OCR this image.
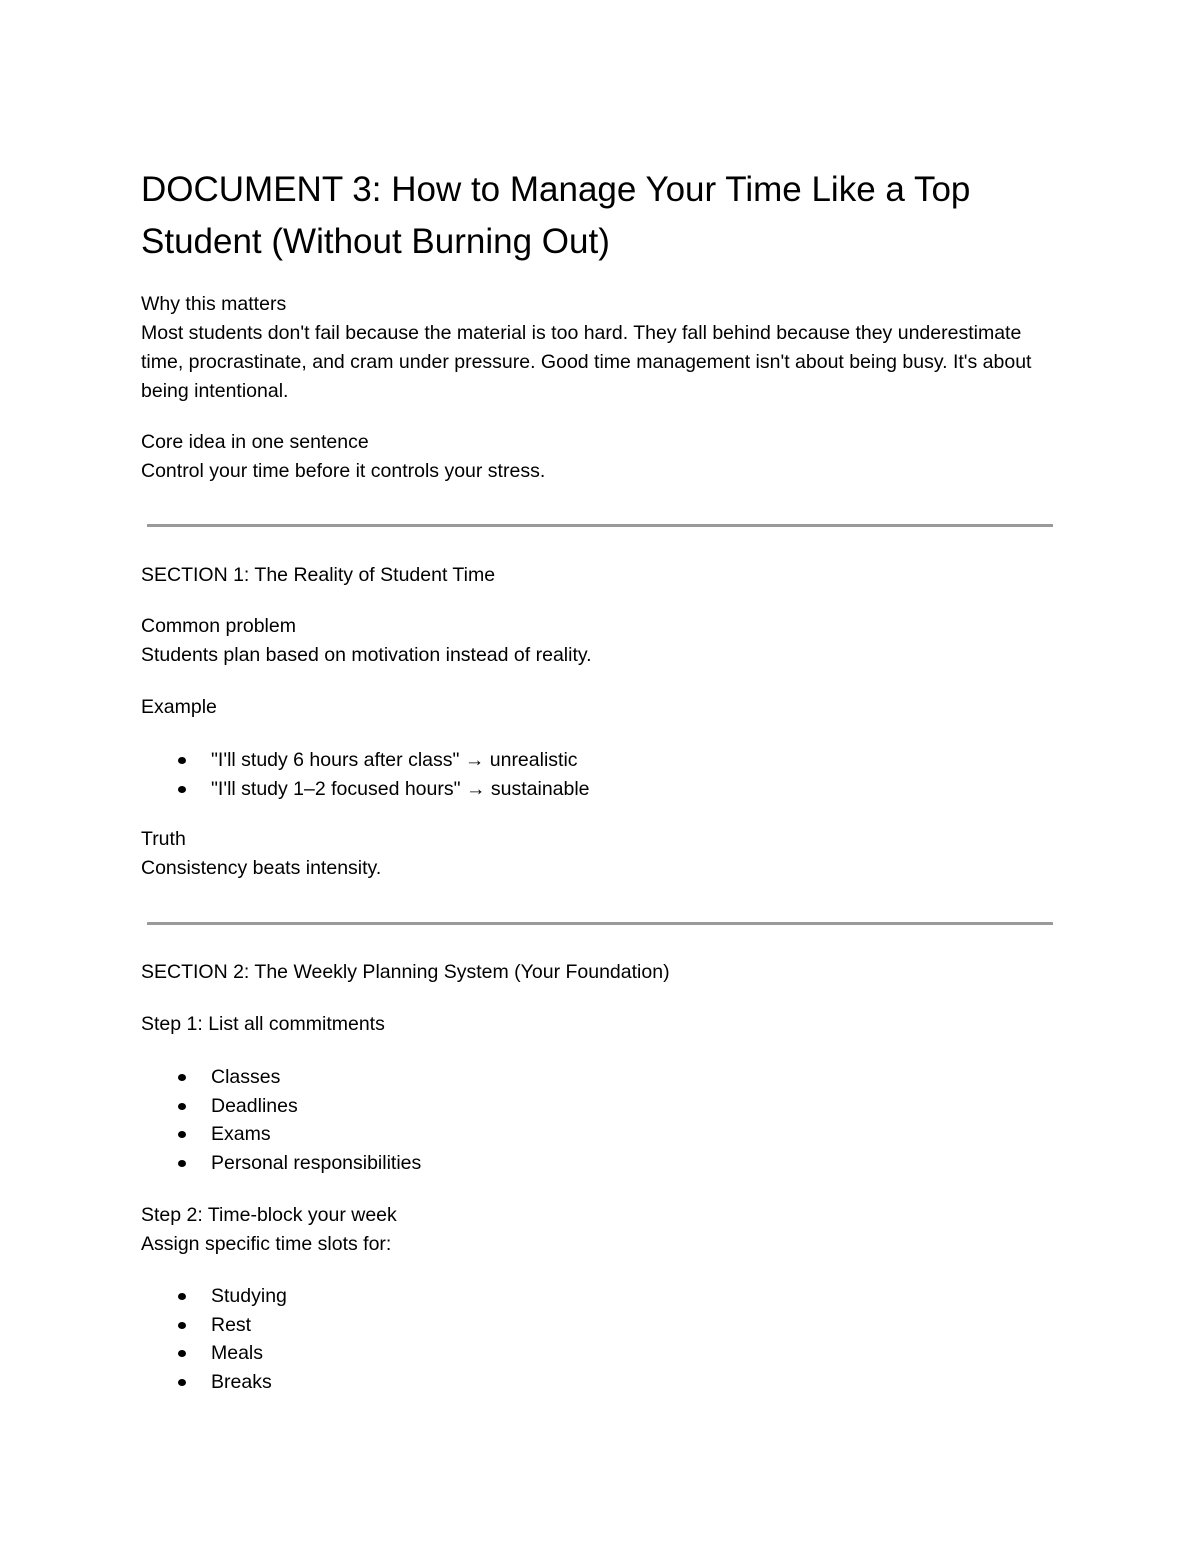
DOCUMENT 3: How to Manage Your Time Like a Top Student (Without Burning Out)

Why this matters

Most students don't fail because the material is too hard. They fall behind because they underestimate time, procrastinate, and cram under pressure. Good time management isn't about being busy. It's about being intentional.

Core idea in one sentence

Control your time before it controls your stress.

SECTION 1: The Reality of Student Time

Common problem

Students plan based on motivation instead of reality.

Example

"I'll study 6 hours after class" → unrealistic
"I'll study 1–2 focused hours" → sustainable

Truth

Consistency beats intensity.

SECTION 2: The Weekly Planning System (Your Foundation)

Step 1: List all commitments

Classes
Deadlines
Exams
Personal responsibilities

Step 2: Time-block your week

Assign specific time slots for:

Studying
Rest
Meals
Breaks
